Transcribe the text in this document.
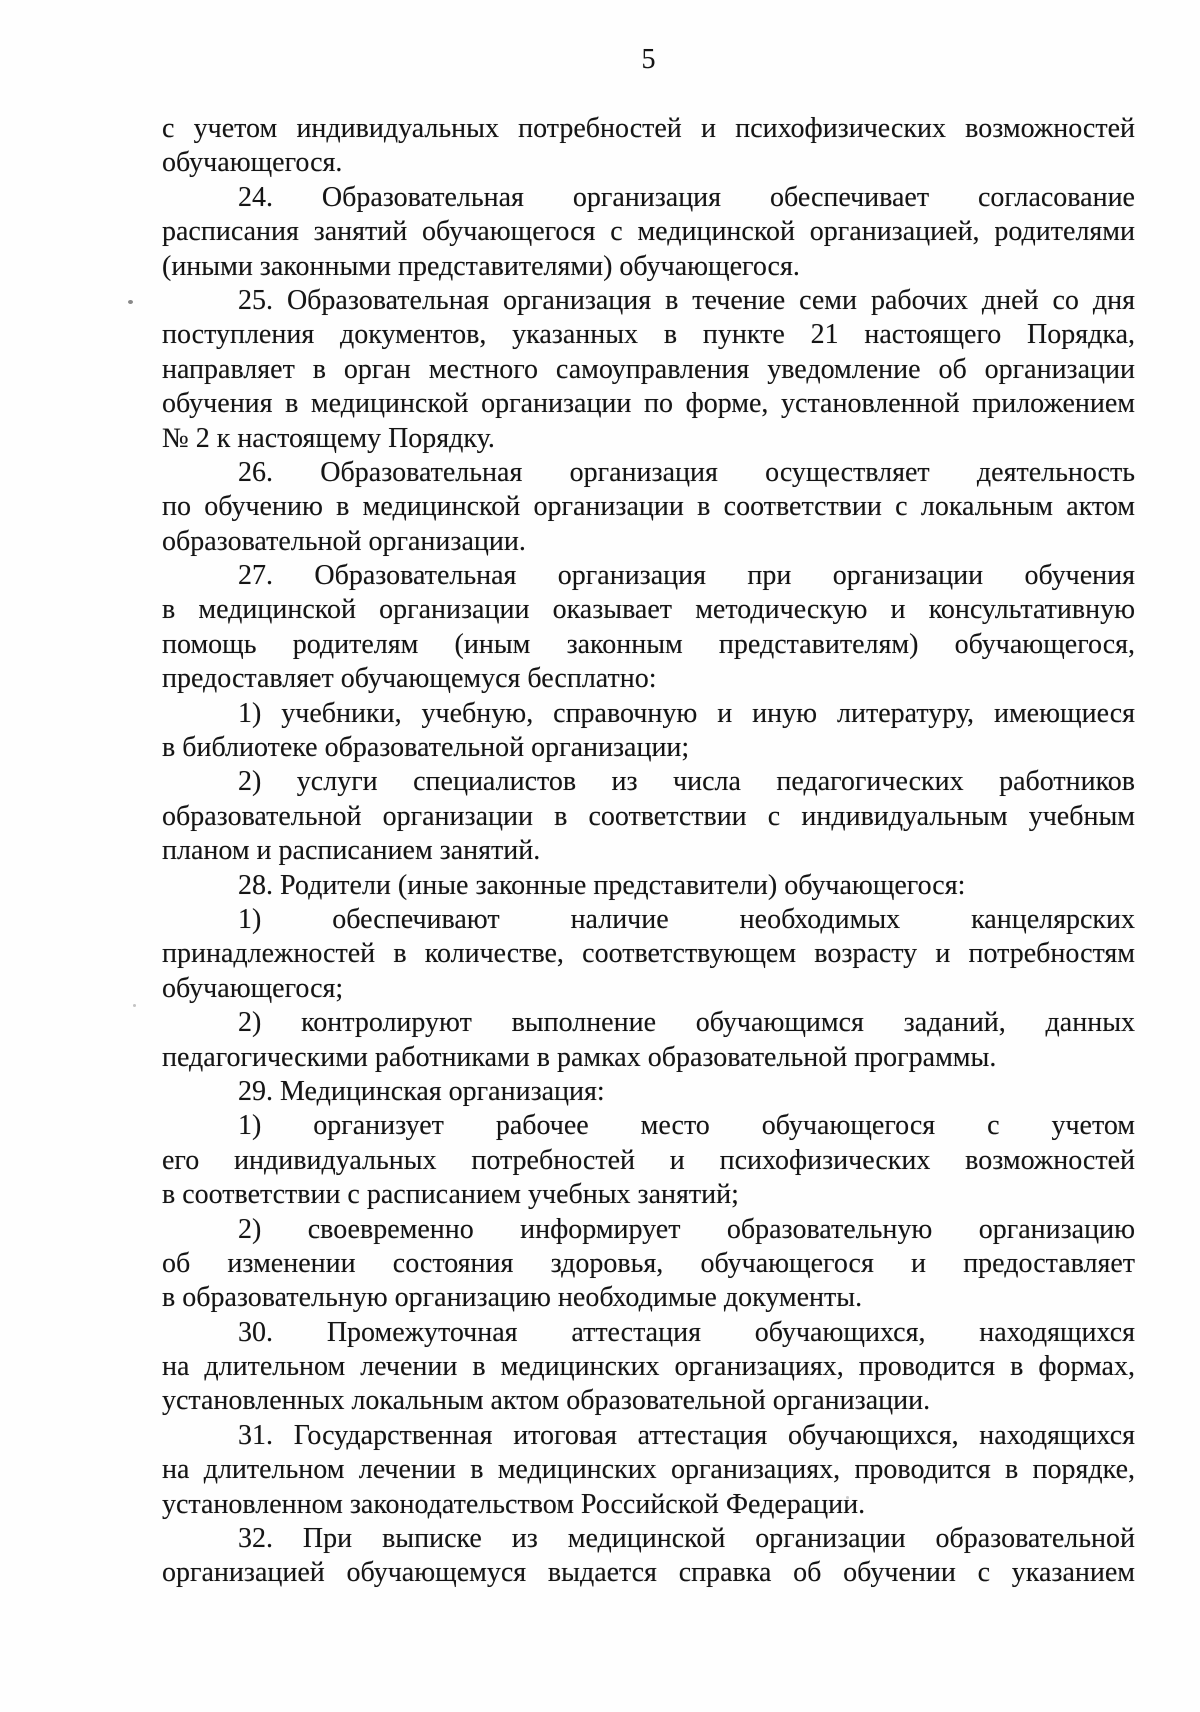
5
с учетом индивидуальных потребностей и психофизических возможностей
обучающегося.
24. Образовательная организация обеспечивает согласование
расписания занятий обучающегося с медицинской организацией, родителями
(иными законными представителями) обучающегося.
25. Образовательная организация в течение семи рабочих дней со дня
поступления документов, указанных в пункте 21 настоящего Порядка,
направляет в орган местного самоуправления уведомление об организации
обучения в медицинской организации по форме, установленной приложением
№ 2 к настоящему Порядку.
26. Образовательная организация осуществляет деятельность
по обучению в медицинской организации в соответствии с локальным актом
образовательной организации.
27. Образовательная организация при организации обучения
в медицинской организации оказывает методическую и консультативную
помощь родителям (иным законным представителям) обучающегося,
предоставляет обучающемуся бесплатно:
1) учебники, учебную, справочную и иную литературу, имеющиеся
в библиотеке образовательной организации;
2) услуги специалистов из числа педагогических работников
образовательной организации в соответствии с индивидуальным учебным
планом и расписанием занятий.
28. Родители (иные законные представители) обучающегося:
1) обеспечивают наличие необходимых канцелярских
принадлежностей в количестве, соответствующем возрасту и потребностям
обучающегося;
2) контролируют выполнение обучающимся заданий, данных
педагогическими работниками в рамках образовательной программы.
29. Медицинская организация:
1) организует рабочее место обучающегося с учетом
его индивидуальных потребностей и психофизических возможностей
в соответствии с расписанием учебных занятий;
2) своевременно информирует образовательную организацию
об изменении состояния здоровья, обучающегося и предоставляет
в образовательную организацию необходимые документы.
30. Промежуточная аттестация обучающихся, находящихся
на длительном лечении в медицинских организациях, проводится в формах,
установленных локальным актом образовательной организации.
31. Государственная итоговая аттестация обучающихся, находящихся
на длительном лечении в медицинских организациях, проводится в порядке,
установленном законодательством Российской Федерации.
32. При выписке из медицинской организации образовательной
организацией обучающемуся выдается справка об обучении с указанием
